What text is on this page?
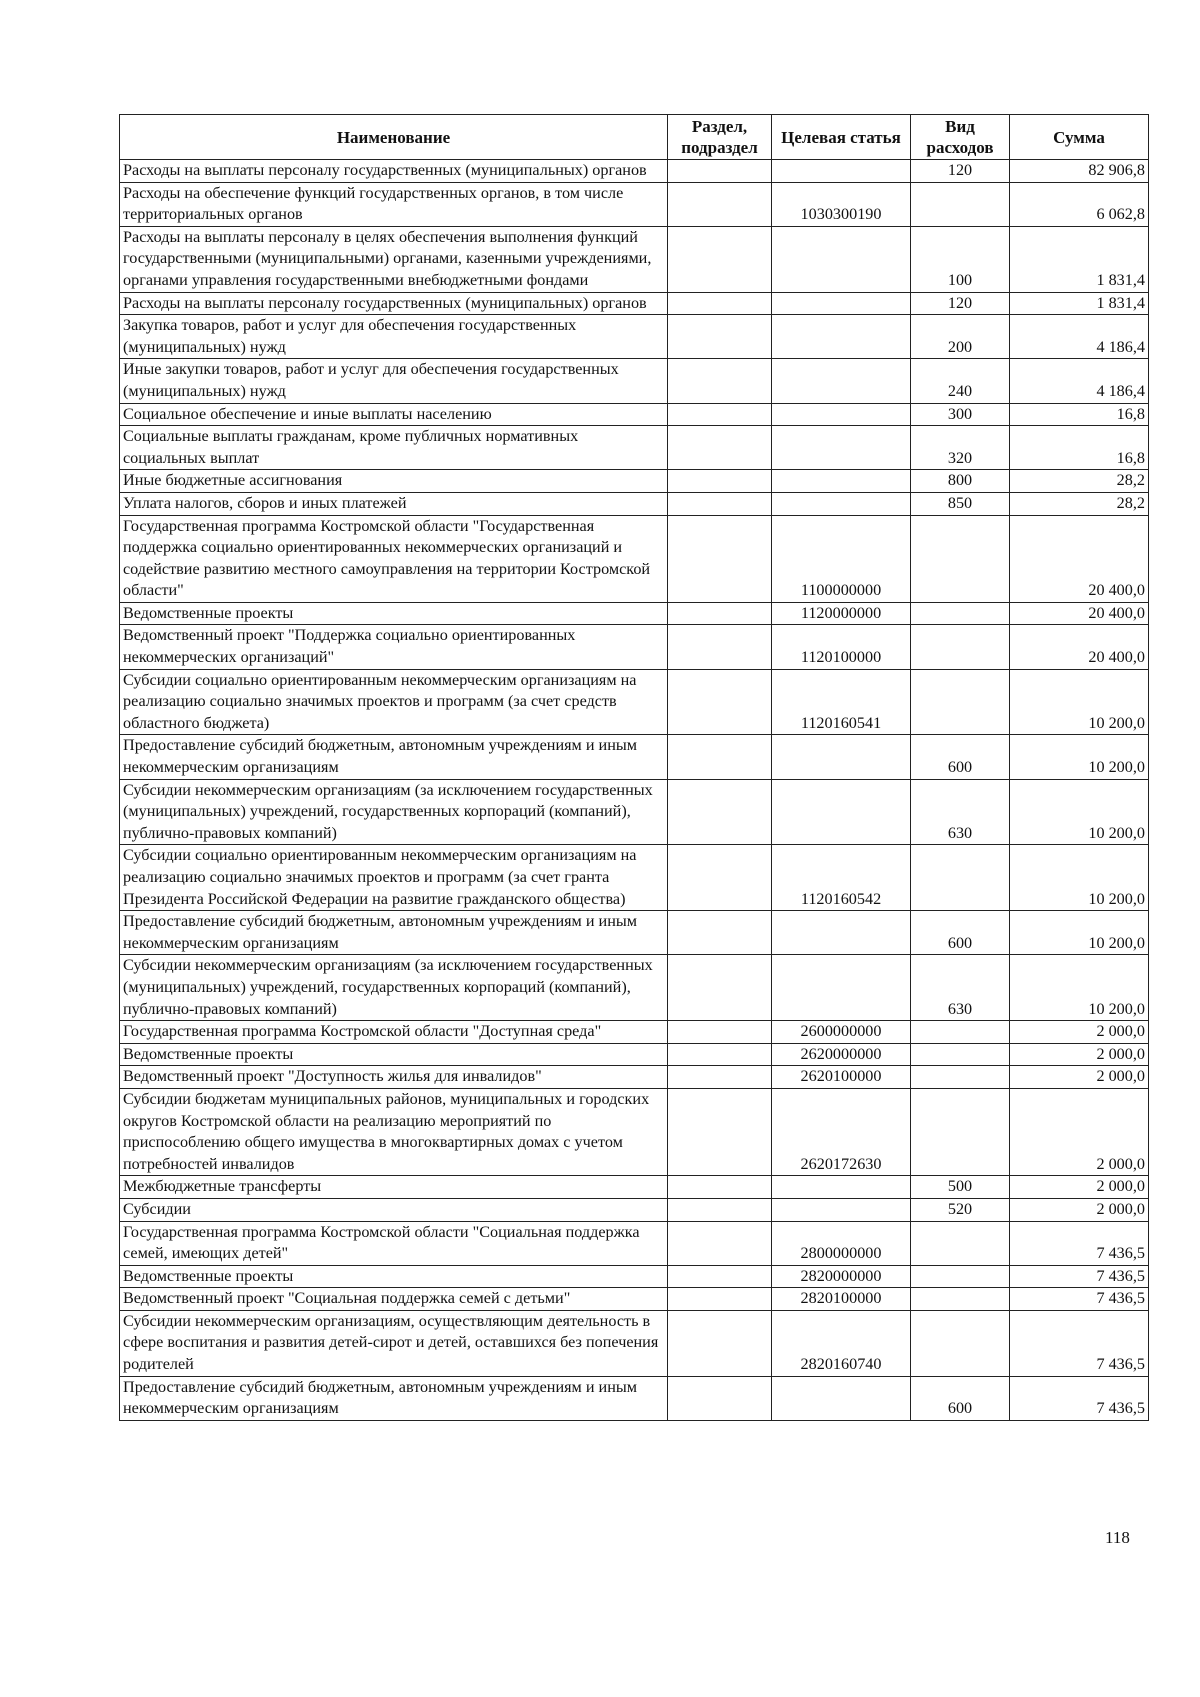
Наименование	Раздел, подраздел	Целевая статья	Вид расходов	Сумма
Расходы на выплаты персоналу государственных (муниципальных) органов			120	82 906,8
Расходы на обеспечение функций государственных органов, в том числе территориальных органов		1030300190		6 062,8
Расходы на выплаты персоналу в целях обеспечения выполнения функций государственными (муниципальными) органами, казенными учреждениями, органами управления государственными внебюджетными фондами			100	1 831,4
Расходы на выплаты персоналу государственных (муниципальных) органов			120	1 831,4
Закупка товаров, работ и услуг для обеспечения государственных (муниципальных) нужд			200	4 186,4
Иные закупки товаров, работ и услуг для обеспечения государственных (муниципальных) нужд			240	4 186,4
Социальное обеспечение и иные выплаты населению			300	16,8
Социальные выплаты гражданам, кроме публичных нормативных социальных выплат			320	16,8
Иные бюджетные ассигнования			800	28,2
Уплата налогов, сборов и иных платежей			850	28,2
Государственная программа Костромской области "Государственная поддержка социально ориентированных некоммерческих организаций и содействие развитию местного самоуправления на территории Костромской области"		1100000000		20 400,0
Ведомственные проекты		1120000000		20 400,0
Ведомственный проект "Поддержка социально ориентированных некоммерческих организаций"		1120100000		20 400,0
Субсидии социально ориентированным некоммерческим организациям на реализацию социально значимых проектов и программ (за счет средств областного бюджета)		1120160541		10 200,0
Предоставление субсидий бюджетным, автономным учреждениям и иным некоммерческим организациям			600	10 200,0
Субсидии некоммерческим организациям (за исключением государственных (муниципальных) учреждений, государственных корпораций (компаний), публично-правовых компаний)			630	10 200,0
Субсидии социально ориентированным некоммерческим организациям на реализацию социально значимых проектов и программ (за счет гранта Президента Российской Федерации на развитие гражданского общества)		1120160542		10 200,0
Предоставление субсидий бюджетным, автономным учреждениям и иным некоммерческим организациям			600	10 200,0
Субсидии некоммерческим организациям (за исключением государственных (муниципальных) учреждений, государственных корпораций (компаний), публично-правовых компаний)			630	10 200,0
Государственная программа Костромской области "Доступная среда"		2600000000		2 000,0
Ведомственные проекты		2620000000		2 000,0
Ведомственный проект "Доступность жилья для инвалидов"		2620100000		2 000,0
Субсидии бюджетам муниципальных районов, муниципальных и городских округов Костромской области на реализацию мероприятий по приспособлению общего имущества в многоквартирных домах с учетом потребностей инвалидов		2620172630		2 000,0
Межбюджетные трансферты			500	2 000,0
Субсидии			520	2 000,0
Государственная программа Костромской области "Социальная поддержка семей, имеющих детей"		2800000000		7 436,5
Ведомственные проекты		2820000000		7 436,5
Ведомственный проект "Социальная поддержка семей с детьми"		2820100000		7 436,5
Субсидии некоммерческим организациям, осуществляющим деятельность в сфере воспитания и развития детей-сирот и детей, оставшихся без попечения родителей		2820160740		7 436,5
Предоставление субсидий бюджетным, автономным учреждениям и иным некоммерческим организациям			600	7 436,5
118
